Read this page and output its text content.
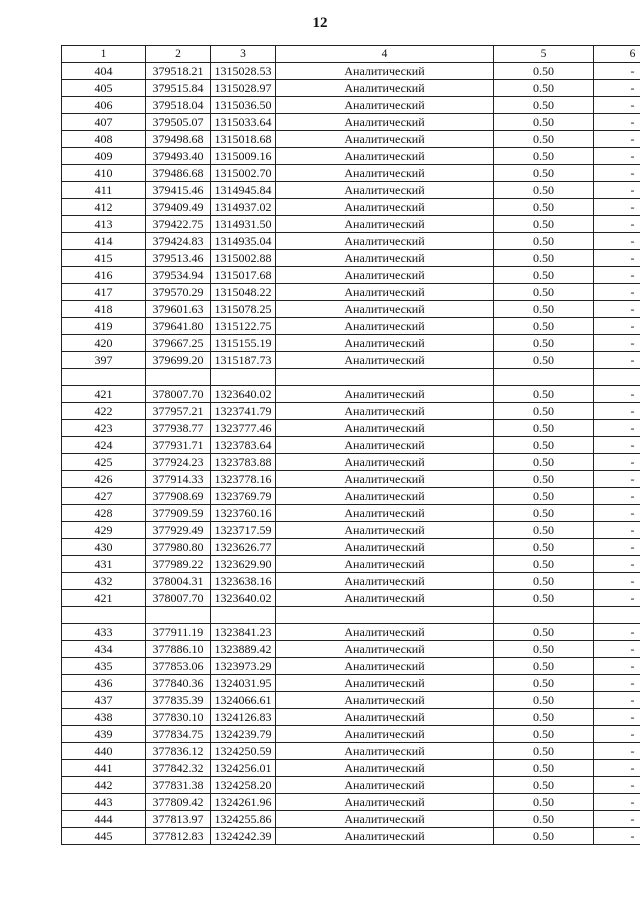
12
1	2	3	4	5	6
404	379518.21	1315028.53	Аналитический	0.50	-
405	379515.84	1315028.97	Аналитический	0.50	-
406	379518.04	1315036.50	Аналитический	0.50	-
407	379505.07	1315033.64	Аналитический	0.50	-
408	379498.68	1315018.68	Аналитический	0.50	-
409	379493.40	1315009.16	Аналитический	0.50	-
410	379486.68	1315002.70	Аналитический	0.50	-
411	379415.46	1314945.84	Аналитический	0.50	-
412	379409.49	1314937.02	Аналитический	0.50	-
413	379422.75	1314931.50	Аналитический	0.50	-
414	379424.83	1314935.04	Аналитический	0.50	-
415	379513.46	1315002.88	Аналитический	0.50	-
416	379534.94	1315017.68	Аналитический	0.50	-
417	379570.29	1315048.22	Аналитический	0.50	-
418	379601.63	1315078.25	Аналитический	0.50	-
419	379641.80	1315122.75	Аналитический	0.50	-
420	379667.25	1315155.19	Аналитический	0.50	-
397	379699.20	1315187.73	Аналитический	0.50	-

421	378007.70	1323640.02	Аналитический	0.50	-
422	377957.21	1323741.79	Аналитический	0.50	-
423	377938.77	1323777.46	Аналитический	0.50	-
424	377931.71	1323783.64	Аналитический	0.50	-
425	377924.23	1323783.88	Аналитический	0.50	-
426	377914.33	1323778.16	Аналитический	0.50	-
427	377908.69	1323769.79	Аналитический	0.50	-
428	377909.59	1323760.16	Аналитический	0.50	-
429	377929.49	1323717.59	Аналитический	0.50	-
430	377980.80	1323626.77	Аналитический	0.50	-
431	377989.22	1323629.90	Аналитический	0.50	-
432	378004.31	1323638.16	Аналитический	0.50	-
421	378007.70	1323640.02	Аналитический	0.50	-

433	377911.19	1323841.23	Аналитический	0.50	-
434	377886.10	1323889.42	Аналитический	0.50	-
435	377853.06	1323973.29	Аналитический	0.50	-
436	377840.36	1324031.95	Аналитический	0.50	-
437	377835.39	1324066.61	Аналитический	0.50	-
438	377830.10	1324126.83	Аналитический	0.50	-
439	377834.75	1324239.79	Аналитический	0.50	-
440	377836.12	1324250.59	Аналитический	0.50	-
441	377842.32	1324256.01	Аналитический	0.50	-
442	377831.38	1324258.20	Аналитический	0.50	-
443	377809.42	1324261.96	Аналитический	0.50	-
444	377813.97	1324255.86	Аналитический	0.50	-
445	377812.83	1324242.39	Аналитический	0.50	-
